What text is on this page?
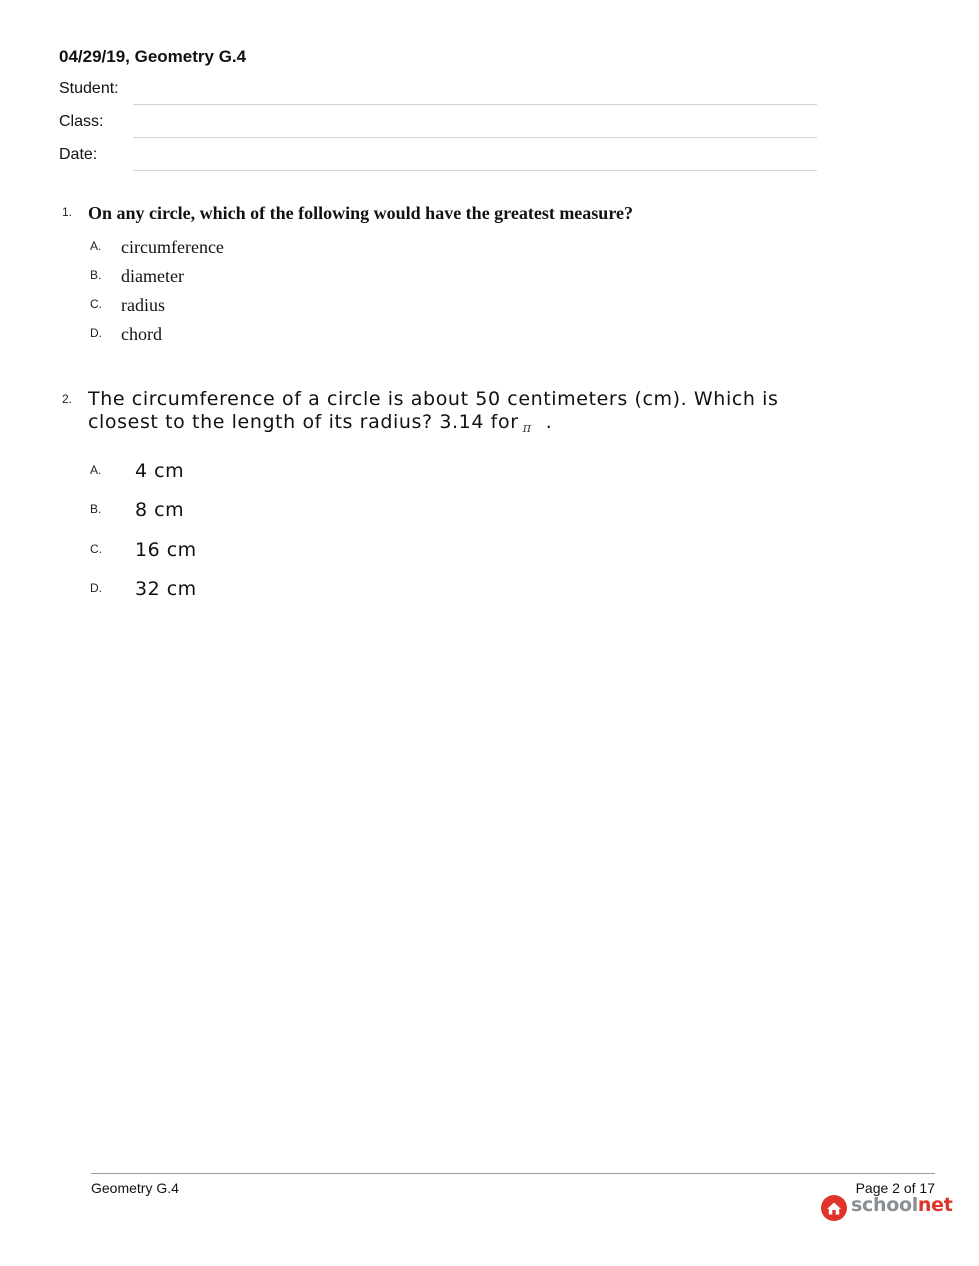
04/29/19, Geometry G.4
Student:
Class:
Date:
1. On any circle, which of the following would have the greatest measure?
A. circumference
B. diameter
C. radius
D. chord
2. The circumference of a circle is about 50 centimeters (cm). Which is
closest to the length of its radius? 3.14 for $_\pi$ .
A. 4 cm
B. 8 cm
C. 16 cm
D. 32 cm
Geometry G.4	Page 2 of 17
schoolnet
